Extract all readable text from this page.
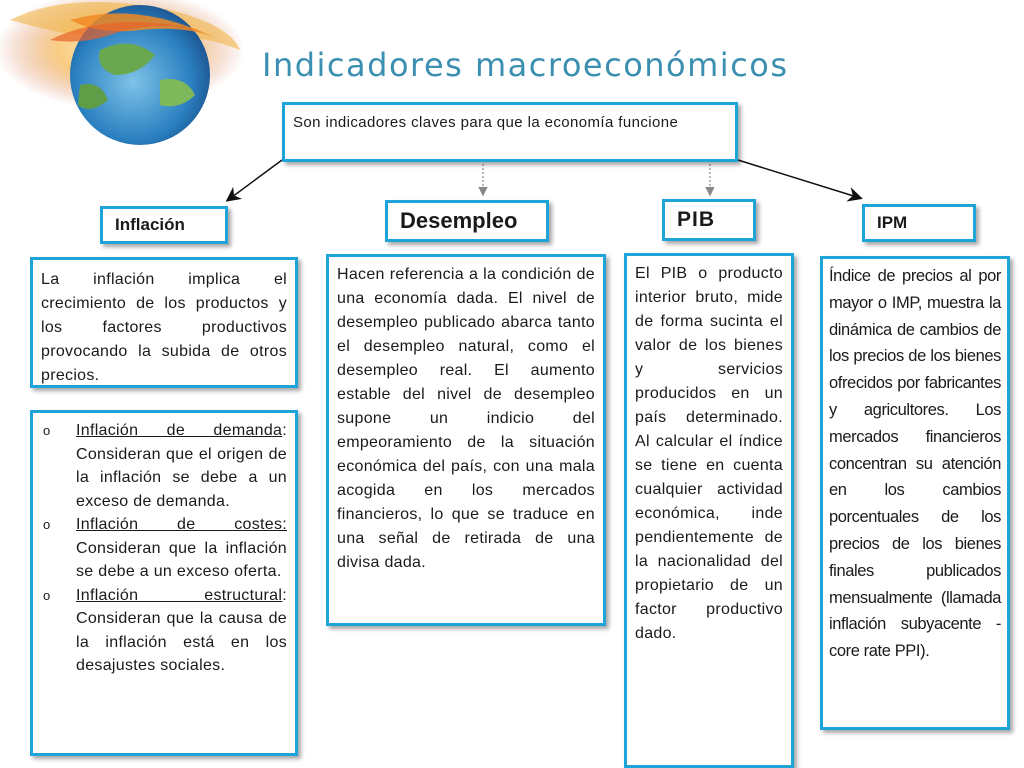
Indicadores macroeconómicos
Son indicadores claves para que la economía funcione
Inflación	Desempleo	PIB	IPM
La inflación implica el crecimiento de los productos y los factores productivos provocando la subida de otros precios.
o Inflación de demanda: Consideran que el origen de la inflación se debe a un exceso de demanda.
o Inflación de costes: Consideran que la inflación se debe a un exceso oferta.
o Inflación estructural: Consideran que la causa de la inflación está en los desajustes sociales.
Hacen referencia a la condición de una economía dada. El nivel de desempleo publicado abarca tanto el desempleo natural, como el desempleo real. El aumento estable del nivel de desempleo supone un indicio del empeoramiento de la situación económica del país, con una mala acogida en los mercados financieros, lo que se traduce en una señal de retirada de una divisa dada.
El PIB o producto interior bruto, mide de forma sucinta el valor de los bienes y servicios producidos en un país determinado. Al calcular el índice se tiene en cuenta cualquier actividad económica, inde pendientemente de la nacionalidad del propietario de un factor productivo dado.
Índice de precios al por mayor o IMP, muestra la dinámica de cambios de los precios de los bienes ofrecidos por fabricantes y agricultores. Los mercados financieros concentran su atención en los cambios porcentuales de los precios de los bienes finales publicados mensualmente (llamada inflación subyacente - core rate PPI).
